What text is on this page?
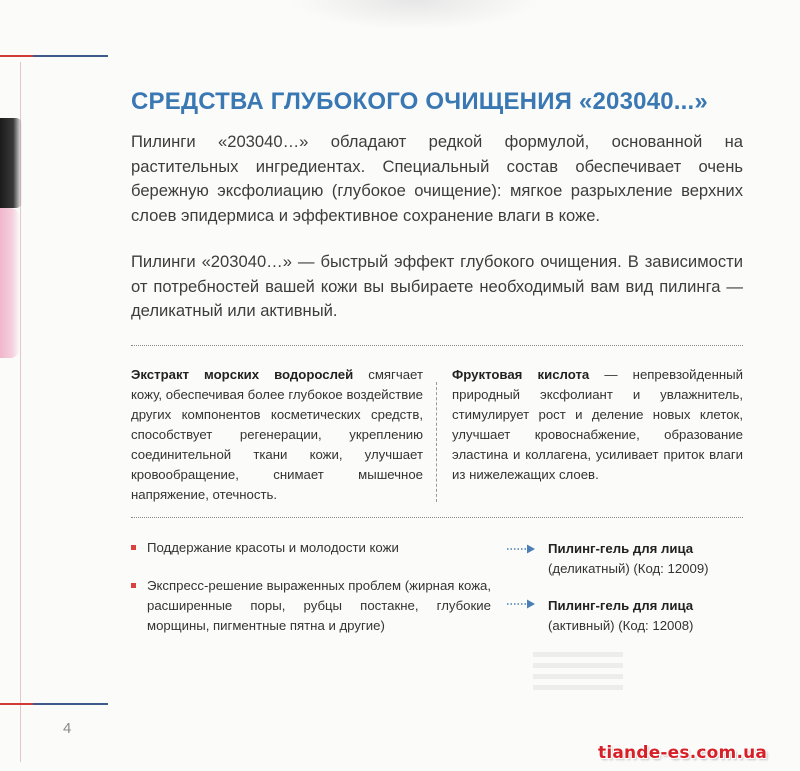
СРЕДСТВА ГЛУБОКОГО ОЧИЩЕНИЯ «203040...»

Пилинги «203040…» обладают редкой формулой, основанной на растительных ингредиентах. Специальный состав обеспечивает очень бережную эксфолиацию (глубокое очищение): мягкое разрыхление верхних слоев эпидермиса и эффективное сохранение влаги в коже.

Пилинги «203040…» — быстрый эффект глубокого очищения. В зависимости от потребностей вашей кожи вы выбираете необходимый вам вид пилинга — деликатный или активный.

Экстракт морских водорослей смягчает кожу, обеспечивая более глубокое воздействие других компонентов косметических средств, способствует регенерации, укреплению соединительной ткани кожи, улучшает кровообращение, снимает мышечное напряжение, отечность.
Фруктовая кислота — непревзойденный природный эксфолиант и увлажнитель, стимулирует рост и деление новых клеток, улучшает кровоснабжение, образование эластина и коллагена, усиливает приток влаги из нижележащих слоев.
Поддержание красоты и молодости кожи
Экспресс-решение выраженных проблем (жирная кожа, расширенные поры, рубцы постакне, глубокие морщины, пигментные пятна и другие)
Пилинг-гель для лица
(деликатный) (Код: 12009)
Пилинг-гель для лица
(активный) (Код: 12008)
4
tiande-es.com.ua
